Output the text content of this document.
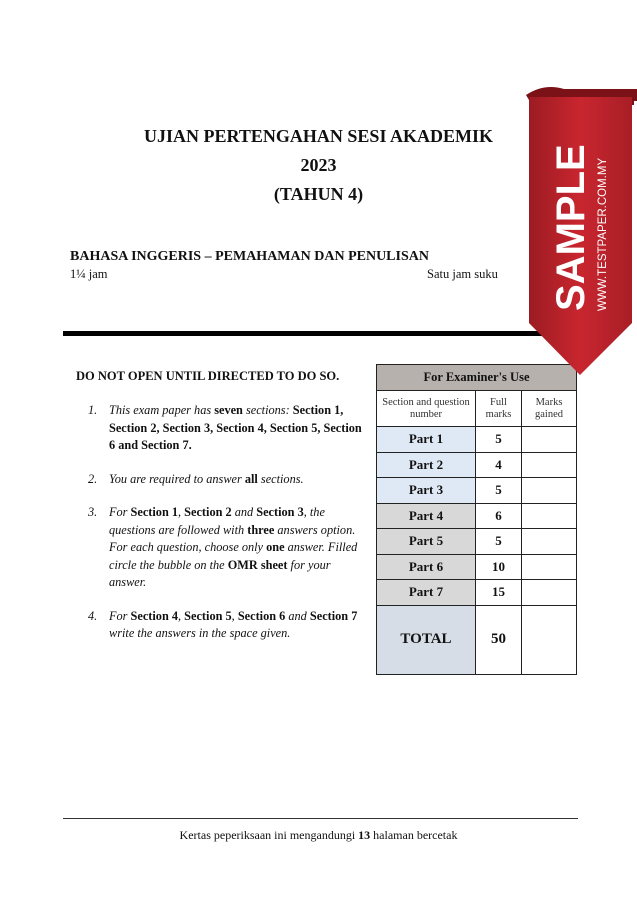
UJIAN PERTENGAHAN SESI AKADEMIK
2023
(TAHUN 4)
BAHASA INGGERIS – PEMAHAMAN DAN PENULISAN
1¼ jam	Satu jam suku
DO NOT OPEN UNTIL DIRECTED TO DO SO.
1. This exam paper has seven sections: Section 1, Section 2, Section 3, Section 4, Section 5, Section 6 and Section 7.
2. You are required to answer all sections.
3. For Section 1, Section 2 and Section 3, the questions are followed with three answers option. For each question, choose only one answer. Filled circle the bubble on the OMR sheet for your answer.
4. For Section 4, Section 5, Section 6 and Section 7 write the answers in the space given.
For Examiner's Use		
Section and question number	Full marks	Marks gained
Part 1	5	
Part 2	4	
Part 3	5	
Part 4	6	
Part 5	5	
Part 6	10	
Part 7	15	
TOTAL	50	
Kertas peperiksaan ini mengandungi 13 halaman bercetak
SAMPLE WWW.TESTPAPER.COM.MY
